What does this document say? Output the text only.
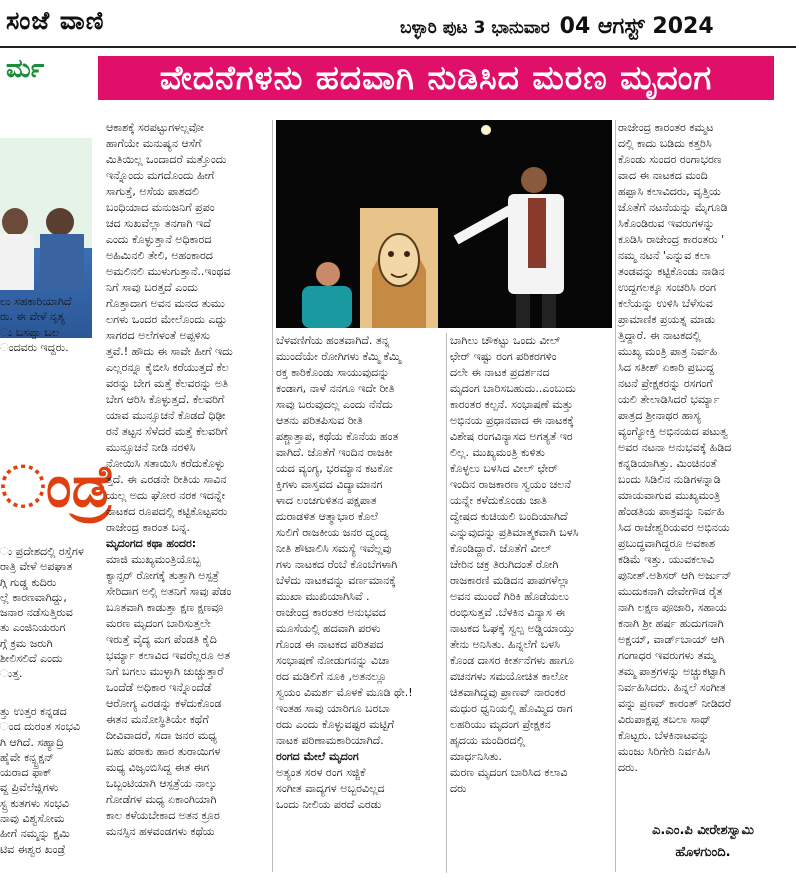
ಸಂಜೆ ವಾಣಿ	ಬಳ್ಳಾರಿ ಪುಟ 3 ಭಾನುವಾರ 04 ಆಗಸ್ಟ್ 2024
ರ್ಮ
ಲು ಸಹಕಾರಿಯಾಗಿದೆ
ರು. ಈ ವೇಳೆ ನೃತ್ಯ
ು ಬಸಪ್ಪಾ ಬಲ
ಂದವರು ಇದ್ದರು.
ಂಡ್ರೆ
ು ಪ್ರದೇಶದಲ್ಲಿ ರಸ್ತೆಗಳ
ರಾತ್ರಿ ವೇಳೆ ಅಪಘಾತ
ಗ್ಗಿ ಗುಡ್ಡ ಕುದಿರು
ಲ್ಲೆ ಕಾರಣವಾಗಿದ್ದು,
ಜನಾರ ನಡೆಸುತ್ತಿರುವ
ತು ಎಂಜಿನಿಯರುಗ
ಗ್ಗೆ ಕ್ರಮ ಜರುಗಿ
ಶೀಲಿಸಲಿದೆ ಎಂದು
ುತ್ತ.
ತ್ತು ಉತ್ತರ ಕನ್ನಡದ
ಂದ ದುರಂತ ಸಂಭವಿ
ಗಿ ಆಗಿದೆ. ಸಹ್ಯಾದ್ರಿ
ಹೈವೇ ಕನ್ಸ್ಟ್ರಕ್ಷನ್
ಯರಾದ ಫಾಕ್
ವ್ದ ಪ್ರಿವೆಲೆಜ್ಲಿಗಳು
ಸ್ಟ್ರ ಕುತಗಳು ಸಂಭವಿ
ನಾವು ವಿಶ್ವಸೋಮ
ಹೀಗೆ ನಮ್ಮನ್ನು ಕ್ಷಮಿ
ಟಿವ ಈಶ್ವರ ಖಂಡ್ರೆ
ವೇದನೆಗಳನು ಹದವಾಗಿ ನುಡಿಸಿದ ಮರಣ ಮೃದಂಗ
ಆಕಾಶಕ್ಕೆ ಸರಪಟ್ಟುಗಳಲ್ಲವೋ
ಹಾಗೆಯೇ ಮನುಷ್ಯನ ಆಸೆಗೆ
ಮಿತಿಯಿಲ್ಲ ಒಂದಾದರೆ ಮತ್ತೊಂದು
ಇನ್ನೊಂದು ಮಗದೊಂದು ಹೀಗೆ
ಸಾಗುತ್ತೆ, ಅಸೆಯ ಪಾಶದಲಿ
ಬಂಧಿಯಾದ ಮನುಜನಿಗೆ ಪ್ರಪಂ
ಚದ ಸುಖವೆಲ್ಲಾ ತನಗಾಗಿ ಇದೆ
ಎಂದು ಕೊಳ್ಳುತ್ತಾನೆ ಅಧಿಕಾರದ
ಅಹಿಮಿನಲಿ ತೇಲಿ, ಅಹಂಕಾರದ
ಅಮಲಿನಲಿ ಮುಳುಗುತ್ತಾನೆ..ಇಂಥವ
ನಿಗೆ ಸಾವು ಬರತ್ತದೆ ಎಂದು
ಗೊತ್ತಾದಾಗ ಅವನ ಮನದ ತುಮು
ಲಗಳು ಒಂದರ ಮೇಲೊಂದು ಎದ್ದು
ಸಾಗರದ ಅಲೆಗಳಂತೆ ಅಪ್ಪಳಿಸು
ತ್ತವೆ.! ಹೌದು ಈ ಸಾವೇ ಹೀಗೆ ಇದು
ಎಲ್ಲರನ್ನೂ ಕೈಬೀಸಿ ಕರೆಯುತ್ತದೆ ಕೆಲ
ವರನ್ನು ಬೇಗ ಮತ್ತೆ ಕೆಲವರನ್ನು ಅತಿ
ಬೇಗ ಆರಿಸಿ ಕೊಳ್ಳುತ್ತದೆ. ಕೆಲವರಿಗೆ
ಯಾವ ಮುನ್ಸೂಚನೆ ಕೊಡದೆ ಧಿಢೀ
ರನೆ ತಟ್ಟನ ಸೆಳೆದರೆ ಮತ್ತೆ ಕೆಲವರಿಗೆ
ಮುನ್ಸೂಚನೆ ನೀಡಿ ನರಳಿಸಿ
ನೋಯಿಸಿ ಸತಾಯಿಸಿ ಕರೆದುಕೊಳ್ಳು
ತ್ತದೆ. ಈ ಎರಡನೇ ರೀತಿಯ ಸಾವಿನ
ಯಲ್ಲ ಅದು ಘೋರ ನರಕ ಇದನ್ನೇ
ನಾಟಕದ ರೂಪದಲ್ಲಿ ಕಟ್ಟಿಕೊಟ್ಟವರು
ರಾಜೇಂದ್ರ ಕಾರಂತ ಬನ್ನ.
ಮೃದಂಗದ ಕಥಾ ಹಂದರ:
ಮಾಜಿ ಮುಖ್ಯಮಂತ್ರಿಯೊಬ್ಬ
ಕ್ಯಾನ್ಸರ್ ರೋಗಕ್ಕೆ ತುತ್ತಾಗಿ ಅಸ್ಪತ್ರೆ
ಸೇರಿದಾಗ ಅಲ್ಲಿ ಅತನಿಗೆ ಸಾವು ಪೆಡಂ
ಬೂತವಾಗಿ ಕಾಡುತ್ತಾ ಕ್ಷಣ ಕ್ಷಣವೂ
ಮರಣ ಮೃದಂಗ ಬಾರಿಸುತ್ತಲೇ
ಇರುತ್ತೆ ವೈದ್ಯ ಮಗ ಪೆಂಡತಿ ಕೈದಿ
ಭರ್ಮ್ಯಾ ಕಲಾವಿದ ಇವರೆಲ್ಲರೂ ಅತ
ನಿಗೆ ಬಗಲು ಮುಳ್ಳಾಗಿ ಚುಚ್ಚುತ್ತಾರೆ
ಒಂದೆಡೆ ಅಧಿಕಾರ ಇನ್ನೊಂದೆಡೆ
ಆರೋಗ್ಯ ಎರಡನ್ನು ಕಳೆದುಕೊಂಡ
ಈತನ ಮನೋಸ್ಥಿತಿಯೇ ಕಥೆಗೆ
ದೀವಿವಾದರೆ, ಸದಾ ಜನರ ಮಧ್ಯ
ಬಹು ಪರಾಕು ಹಾರ ತುರಾಯಿಗಳ
ಮಧ್ಯ ವಿಜೃಂಬಿಸಿದ್ದ ಈತ ಈಗ
ಒಬ್ಬಂಟಿಯಾಗಿ ಆಸ್ಪತ್ರೆಯ ನಾಲ್ಕು
ಗೋಡೆಗಳ ಮಧ್ಯ ಏಕಾಂಗಿಯಾಗಿ
ಕಾಲ ಕಳೆಯಬೇಕಾದ ಅತನ ಕ್ರೂರ
ಮನಸ್ಸಿನ ಹಳವಂಡಗಳು ಕಥೆಯ
ಬೆಳವಣಿಗೆಯ ಹಂತವಾಗಿದೆ. ತನ್ನ
ಮುಂದೆಯೇ ರೋಗಿಗಳು ಕೆಮ್ಮಿ ಕೆಮ್ಮಿ
ರಕ್ತ ಕಾರಿಕೊಂಡು ಸಾಯುವುದನ್ನು
ಕಂಡಾಗ, ನಾಳೆ ನನಗೂ ಇದೇ ರೀತಿ
ಸಾವು ಬರುವುದಲ್ಲ ಎಂದು ನೆನೆದು
ಆತನು ಪರಿತಪಿಸುವ ರೀತಿ
ಪಶ್ಚಾತ್ತಾಪ, ಕಥೆಯ ಕೊನೆಯ ಹಂತ
ವಾಗಿದೆ. ಜೊತೆಗೆ ಇಂದಿನ ರಾಜಕೀ
ಯದ ವ್ಯಂಗ್ಯ, ಭರಮ್ಯಾನ ಕಟಕೋ
ಕ್ತಿಗಳು ವಾಸ್ತವದ ವಿದ್ಯಾಮಾನಗ
ಳಾದ ಲಂಚಗುಳಿತನ ಪಕ್ಷಪಾತ
ದುರಾಡಳಿತ ಆತ್ಮಾಭಾರ ಕೊಲೆ
ಸುಲಿಗೆ ರಾಜಕೀಯ ಜನರ ದ್ವಂದ್ವ
ನೀತಿ ಶೌಟಾಲಿಸಿ ಸಮಸ್ಯೆ ಇವೆಲ್ಲವು
ಗಳು ನಾಟಕದ ರೆಂಬೆ ಕೊಂಬೆಗಳಾಗಿ
ಬೆಳೆದು ನಾಟಕವನ್ನು ವರ್ಣಮಾನಕ್ಕೆ
ಮುಖಾ ಮುಖಿಯಾಗಿಸಿವೆ .
ರಾಜೇಂದ್ರ ಕಾರಂತರ ಅನುಭವದ
ಮೂಸೆಯಲ್ಲಿ ಹದವಾಗಿ ಪರಳು
ಗೊಂಡ ಈ ನಾಟಕದ ಪರಿತಪದ
ಸಂಭಾಷಣೆ ನೋಡುಗನನ್ನು ವಿಚಾ
ರದ ಮಡಿಲಿಗೆ ನೂಕಿ ,ಅತನಲ್ಲೂ
ಸ್ವಯಂ ವಿಮರ್ಶ ಮೊಳಕೆ ಮೂಡಿ ಥೇ.!
ಇಂತಹ ಸಾವು ಯಾರಿಗೂ ಬರಬಾ
ರದು ಎಂದು ಕೊಳ್ಳುವಷ್ಟರ ಮಟ್ಟಿಗೆ
ನಾಟಕ ಪರಿಣಾಮಕಾರಿಯಾಗಿದೆ.
ರಂಗದ ಮೇಲೆ ಮೃದಂಗ
ಅತ್ಯಂತ ಸರಳ ರಂಗ ಸಜ್ಜಿಕೆ
ಸಂಗೀತ ವಾದ್ಯಗಳ ಅಬ್ಬರವಿಲ್ಲದ
ಒಂದು ನೀಲಿಯ ಪರದೆ ಎರಡು
ಬಾಗಿಲು ಚೌಕಟ್ಟು ಒಂದು ವೀಲ್
ಛೇರ್ ಇಷ್ಟು ರಂಗ ಪರಿಕರಗಳಿಂ
ದಲೇ ಈ ನಾಟಕ ಪ್ರದರ್ಶನದ
ಮೃದಂಗ ಬಾರಿಸಬಹುದು..ಎಂಬುದು
ಕಾರಂತರ ಕಲ್ಪನೆ. ಸಂಭಾಷಣೆ ಮತ್ತು
ಅಭಿನಯ ಪ್ರಧಾನವಾದ ಈ ನಾಟಕಕ್ಕೆ
ವಿಶೇಷ ರಂಗವಿನ್ಯಾಸದ ಅಗತ್ಯತೆ ಇರ
ಲಿಲ್ಲ. ಮುಖ್ಯಮಂತ್ರಿ ಕುಳಿತು
ಕೊಳ್ಳಲು ಬಳಸಿದ ವೀಲ್ ಛೇರ್
ಇಂದಿನ ರಾಜಕಾರಣ ಸ್ವಯಂ ಚಲನೆ
ಯನ್ನೇ ಕಳೆದುಕೊಂಡು ಜಾತಿ
ದ್ವೇಷದ ಕುಚಿಯಲಿ ಬಂದಿಯಾಗಿದೆ
ಎನ್ನುವುದನ್ನು ಪ್ರತಿಮಾತ್ಮಕವಾಗಿ ಬಳಸಿ
ಕೊಂಡಿದ್ದಾರೆ. ಜೊತೆಗೆ ವೀಲ್
ಚೇರಿನ ಚಕ್ರ ತಿರುಗಿದಂತೆ ರೋಗಿ
ರಾಜಕಾರಣಿ ಮಡಿದನ ಪಾಪಗಳೆಲ್ಲಾ
ಅವನ ಮುಂದೆ ಗಿರಿಕಿ ಹೊಡೆಯಲು
ರಂಭಿಸುತ್ತವೆ .ಬೆಳಕಿನ ವಿನ್ಯಾಸ ಈ
ನಾಟಕದ ಓಘಕ್ಕೆ ಸ್ವಲ್ಪ ಅಡ್ಡಿಯಾಯ್ತು
ತೇನು ಅನಿಸಿತು. ಹಿನ್ನಲೆಗೆ ಬಳಸಿ
ಕೊಂಡ ದಾಸರ ಕೀರ್ತನೆಗಳು ಹಾಗೂ
ವಚನಗಳು ಸಮಯೋಚಿತ ಕಾಲೋ
ಚಿತವಾಗಿದ್ದವು ಪ್ರಾಣವ್ ನಾರಂಕರ
ಮಧುರ ಧ್ವನಿಯಲ್ಲಿ ಹೊಮ್ಮಿದ ರಾಗ
ಲಹರಿಯು ಮೃದಂಗ ಪ್ರೇಕ್ಷಕನ
ಹೃದಯ ಮಂದಿರದಲ್ಲಿ
ಮಾರ್ಧನಿಸಿತು.
ಮರಣ ಮೃದಂಗ ಬಾರಿಸಿದ ಕಲಾವಿ
ದರು
ರಾಜೇಂದ್ರ ಕಾರಂತರ ಕಮ್ಮಟ
ದಲ್ಲಿ ಕಾದು ಬಡಿದು ಕತ್ತರಿಸಿ
ಕೊಂಡು ಸುಂದರ ರಂಗಾಭರಣ
ವಾದ ಈ ನಾಟಕದ ಮಂದಿ
ಹಪ್ಪಾಸಿ ಕಲಾವಿದರು, ವೃತ್ತಿಯ
ಜೊತೆಗೆ ನಟನೆಯನ್ನು ಮೈಗೂಡಿ
ಸಿಕೊಂಡಿರುವ ಇವರುಗಳನ್ನು
ಕೂಡಿಸಿ ರಾಜೇಂದ್ರ ಕಾರಂತರು '
ನಮ್ಮ ನಟನೆ 'ಎನ್ನುವ ಕಲಾ
ತಂಡವನ್ನು ಕಟ್ಟಿಕೊಂಡು ನಾಡಿನ
ಉದ್ದಗಲಕ್ಕೂ ಸಂಚರಿಸಿ ರಂಗ
ಕಲೆಯನ್ನು ಉಳಿಸಿ ಬೆಳೆಸುವ
ಪ್ರಾಮಾಣಿಕ ಪ್ರಯತ್ನ ಮಾಡು
ತ್ತಿದ್ದಾರೆ. ಈ ನಾಟಕದಲ್ಲಿ
ಮುಖ್ಯ ಮಂತ್ರಿ ಪಾತ್ರ ನಿರ್ವಹಿ
ಸಿದ ಸತೀಶ್ ಏಕಾರಿ ಪ್ರಬುದ್ದ
ನಟನೆ ಪ್ರೇಕ್ಷಕರನ್ನು ರಸಗಂಗೆ
ಯಲಿ ತೇಲಾಡಿಸಿದರೆ ಭರ್ಮ್ಯಾ
ಪಾತ್ರದ ಶ್ರೀನಾಥರ ಹಾಸ್ಯ
ವ್ಯಂಗ್ಯೋಕ್ತಿ ಅಭಿನಯದ ಪಟುತ್ವ
ಅವರ ನಟನಾ ಅನುಭವಕ್ಕೆ ಹಿಡಿದ
ಕನ್ನಡಿಯಾಗಿತ್ತು. ಮಿಂಚಿನಂತೆ
ಬಂದು ಸಿಡಿಲಿನ ನುಡಿಗಳನ್ನಾಡಿ
ಮಾಯವಾಗುವ ಮುಖ್ಯಮಂತ್ರಿ
ಹೆಂಡತಿಯ ಪಾತ್ರವನ್ನು ನಿರ್ವಹಿ
ಸಿದ ರಾಜೇಶ್ವರಿಯವರ ಅಭಿನಯ
ಪ್ರಬುದ್ಧವಾಗಿದ್ದರೂ ಅವಕಾಶ
ಕಡಿಮೆ ಇತ್ತು. ಯುವಕಲಾವಿ
ಪುನೀತ್.ಅಶಿಸರ್ ಆಗಿ ಅರ್ಜುನ್
ಮುದುಕನಾಗಿ ದೇವೇಗೌಡ ರೈತ
ನಾಗಿ ಲಕ್ಷಣ ಪೂಜಾರಿ, ಸಹಾಯ
ಕನಾಗಿ ಶ್ರೀ ಹರ್ಷ ಹುದುಗನಾಗಿ
ಅಕ್ಷಯ್, ವಾರ್ಡ್‌ಬಾಯ್ ಆಗಿ
ಗಂಗಾಧರ ಇವರುಗಳು ತಮ್ಮ
ತಮ್ಮ ಪಾತ್ರಗಳನ್ನು ಅಚ್ಚುಕಟ್ಟಾಗಿ
ನಿರ್ವಹಿಸಿದರು. ಹಿನ್ನಲೆ ಸಂಗೀತ
ವನ್ನು ಪ್ರಣವ್ ಕಾರಂತ್ ನೀಡಿದರೆ
ವಿರುಪಾಕ್ಷಪ್ಪ ತಬಲಾ ಸಾಥ್
ಕೊಟ್ಟರು. ಬೆಳಕಿನಾಟವನ್ನು
ಮಂಜು ಸಿರಿಗೇರಿ ನಿರ್ವಹಿಸಿ
ದರು.
ಎ.ಎಂ.ಪಿ ವೀರೇಶಸ್ವಾಮಿ
ಹೊಳಗುಂದಿ.
